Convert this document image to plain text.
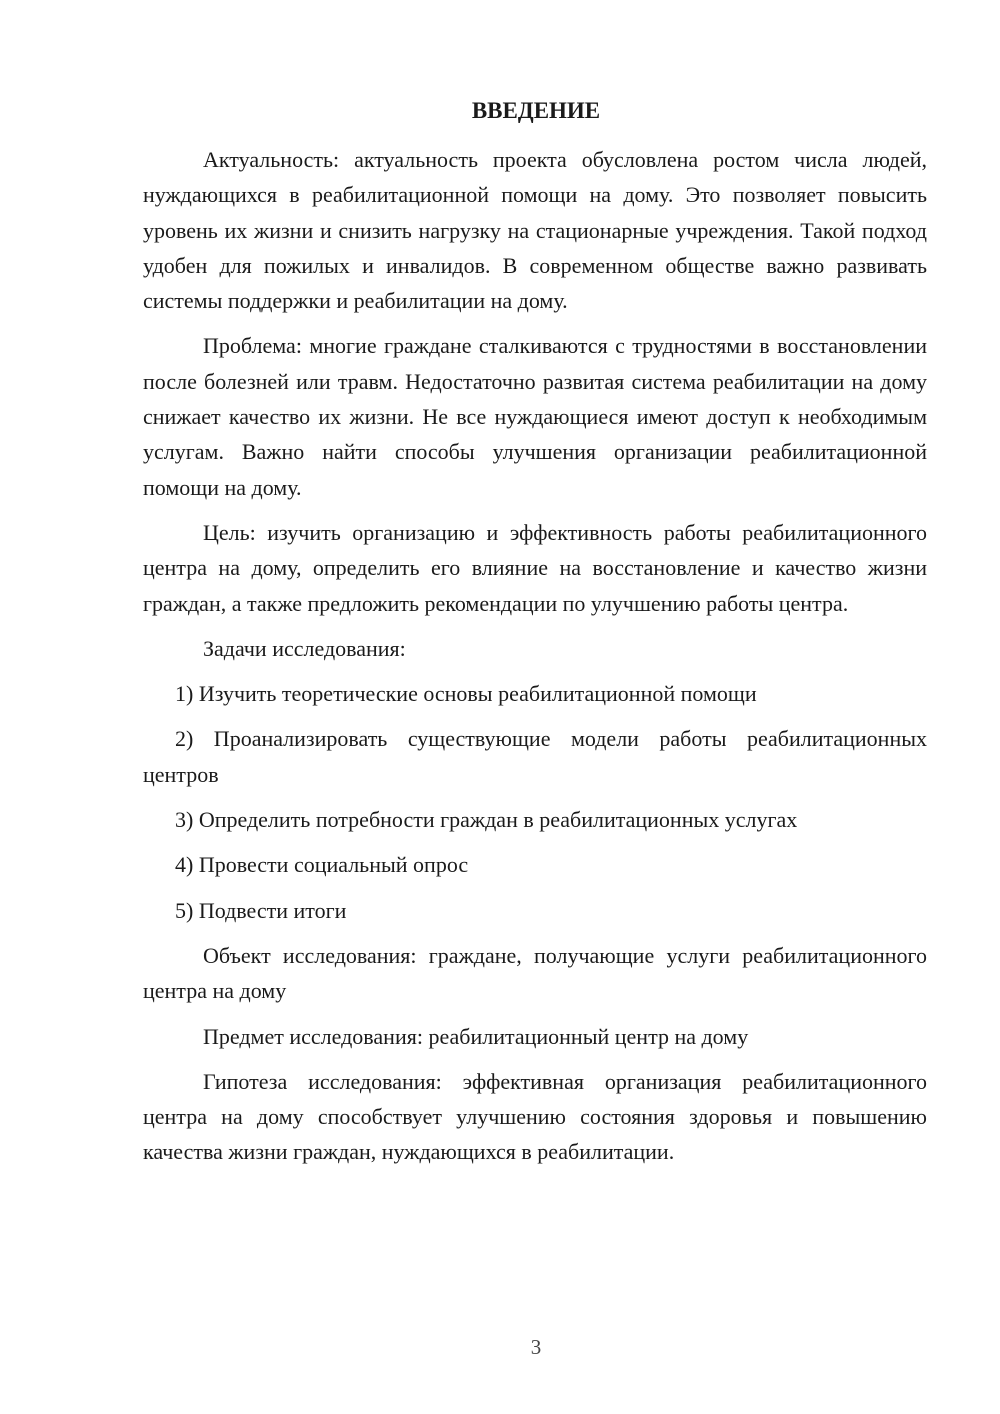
ВВЕДЕНИЕ

Актуальность: актуальность проекта обусловлена ростом числа людей, нуждающихся в реабилитационной помощи на дому. Это позволяет повысить уровень их жизни и снизить нагрузку на стационарные учреждения. Такой подход удобен для пожилых и инвалидов. В современном обществе важно развивать системы поддержки и реабилитации на дому.

Проблема: многие граждане сталкиваются с трудностями в восстановлении после болезней или травм. Недостаточно развитая система реабилитации на дому снижает качество их жизни. Не все нуждающиеся имеют доступ к необходимым услугам. Важно найти способы улучшения организации реабилитационной помощи на дому.

Цель: изучить организацию и эффективность работы реабилитационного центра на дому, определить его влияние на восстановление и качество жизни граждан, а также предложить рекомендации по улучшению работы центра.

Задачи исследования:

1) Изучить теоретические основы реабилитационной помощи

2) Проанализировать существующие модели работы реабилитационных центров

3) Определить потребности граждан в реабилитационных услугах

4) Провести социальный опрос

5) Подвести итоги

Объект исследования: граждане, получающие услуги реабилитационного центра на дому

Предмет исследования: реабилитационный центр на дому

Гипотеза исследования: эффективная организация реабилитационного центра на дому способствует улучшению состояния здоровья и повышению качества жизни граждан, нуждающихся в реабилитации.

3
